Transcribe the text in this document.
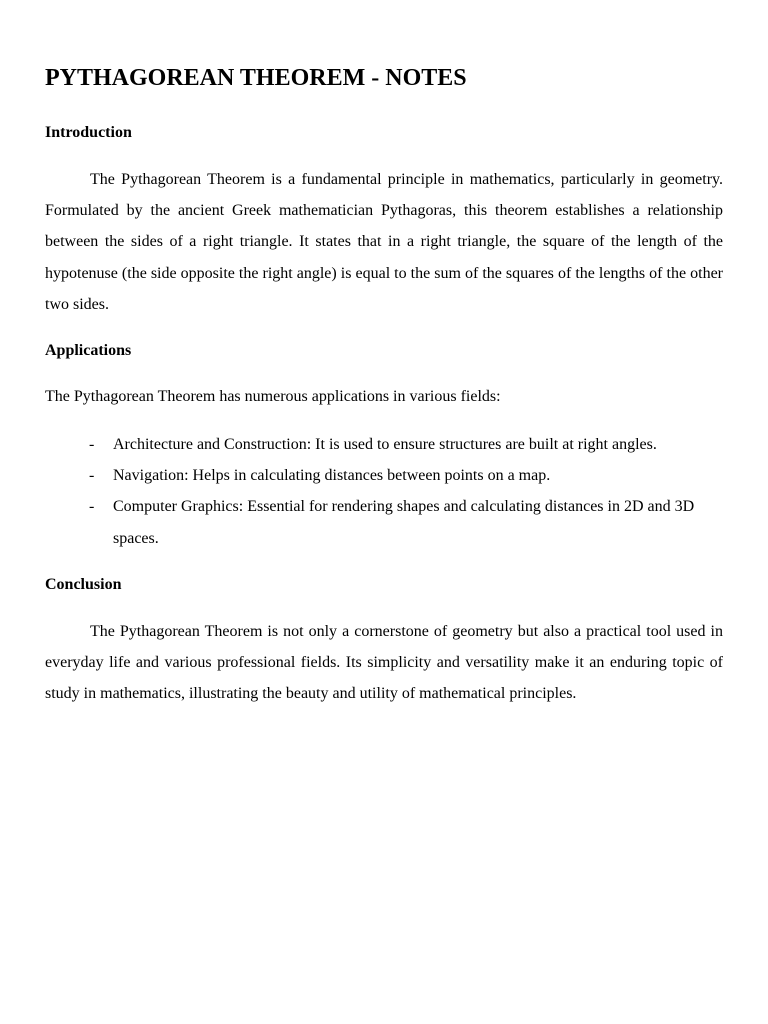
PYTHAGOREAN THEOREM - NOTES
Introduction

The Pythagorean Theorem is a fundamental principle in mathematics, particularly in geometry. Formulated by the ancient Greek mathematician Pythagoras, this theorem establishes a relationship between the sides of a right triangle. It states that in a right triangle, the square of the length of the hypotenuse (the side opposite the right angle) is equal to the sum of the squares of the lengths of the other two sides.

Applications

The Pythagorean Theorem has numerous applications in various fields:

- Architecture and Construction: It is used to ensure structures are built at right angles.
- Navigation: Helps in calculating distances between points on a map.
- Computer Graphics: Essential for rendering shapes and calculating distances in 2D and 3D spaces.
Conclusion

The Pythagorean Theorem is not only a cornerstone of geometry but also a practical tool used in everyday life and various professional fields. Its simplicity and versatility make it an enduring topic of study in mathematics, illustrating the beauty and utility of mathematical principles.
